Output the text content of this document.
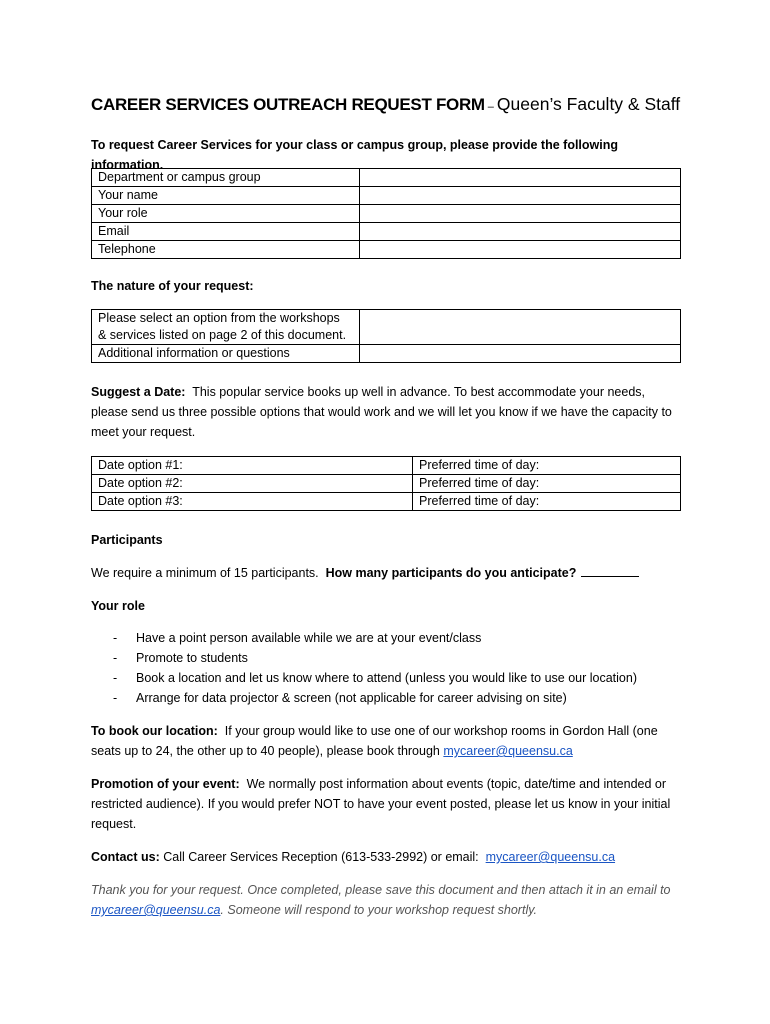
CAREER SERVICES OUTREACH REQUEST FORM – Queen’s Faculty & Staff
To request Career Services for your class or campus group, please provide the following information.
Department or campus group	
Your name	
Your role	
Email	
Telephone	
The nature of your request:
Please select an option from the workshops
& services listed on page 2 of this document.	

Additional information or questions	
Suggest a Date: This popular service books up well in advance. To best accommodate your needs, please send us three possible options that would work and we will let you know if we have the capacity to meet your request.
Date option #1:	Preferred time of day:
Date option #2:	Preferred time of day:
Date option #3:	Preferred time of day:
Participants
We require a minimum of 15 participants. How many participants do you anticipate?
Your role
- Have a point person available while we are at your event/class
- Promote to students
- Book a location and let us know where to attend (unless you would like to use our location)
- Arrange for data projector & screen (not applicable for career advising on site)
To book our location: If your group would like to use one of our workshop rooms in Gordon Hall (one seats up to 24, the other up to 40 people), please book through mycareer@queensu.ca
Promotion of your event: We normally post information about events (topic, date/time and intended or restricted audience). If you would prefer NOT to have your event posted, please let us know in your initial request.
Contact us: Call Career Services Reception (613-533-2992) or email: mycareer@queensu.ca
Thank you for your request. Once completed, please save this document and then attach it in an email to mycareer@queensu.ca. Someone will respond to your workshop request shortly.
